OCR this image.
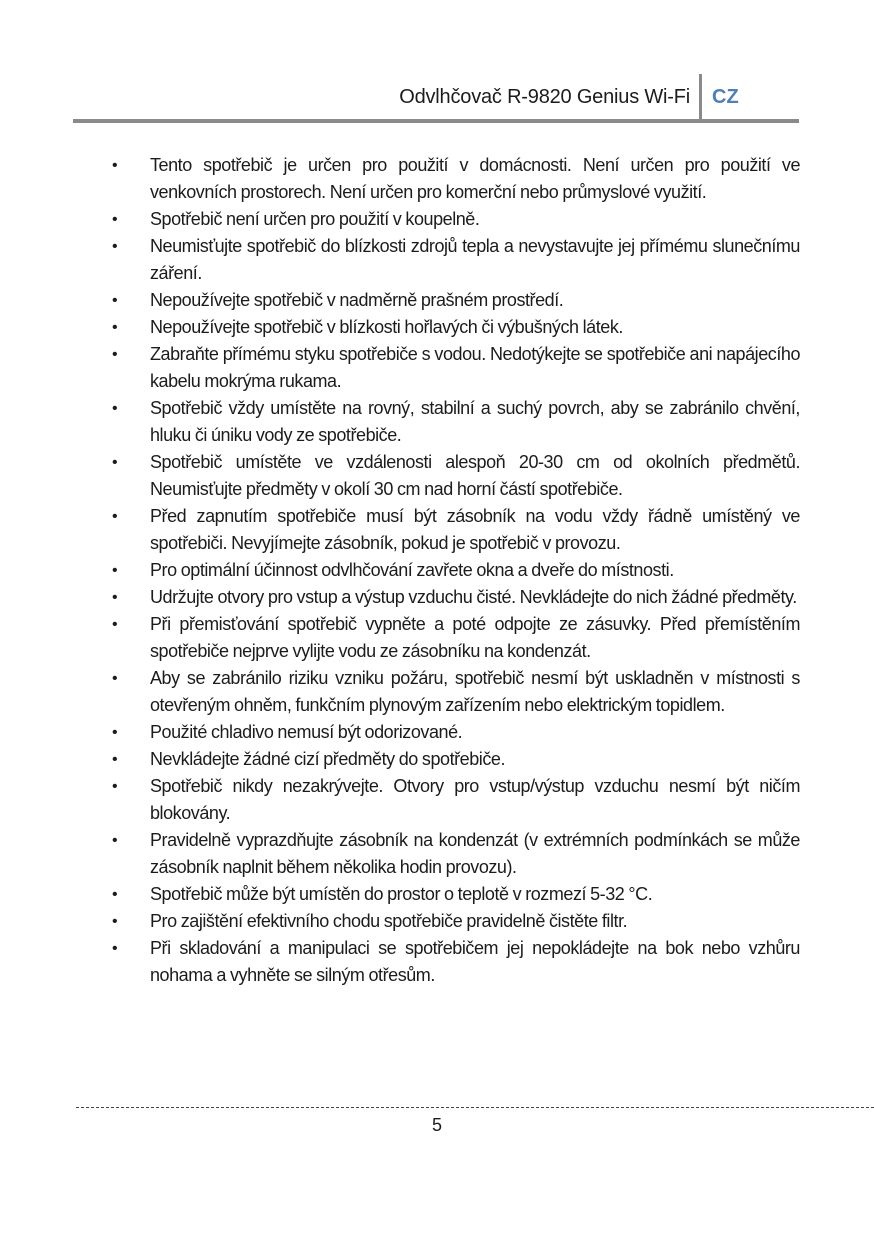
Odvlhčovač R-9820 Genius Wi-Fi CZ
•	Tento spotřebič je určen pro použití v domácnosti. Není určen pro použití ve venkovních prostorech. Není určen pro komerční nebo průmyslové využití.
•	Spotřebič není určen pro použití v koupelně.
•	Neumisťujte spotřebič do blízkosti zdrojů tepla a nevystavujte jej přímému slunečnímu záření.
•	Nepoužívejte spotřebič v nadměrně prašném prostředí.
•	Nepoužívejte spotřebič v blízkosti hořlavých či výbušných látek.
•	Zabraňte přímému styku spotřebiče s vodou. Nedotýkejte se spotřebiče ani napájecího kabelu mokrýma rukama.
•	Spotřebič vždy umístěte na rovný, stabilní a suchý povrch, aby se zabránilo chvění, hluku či úniku vody ze spotřebiče.
•	Spotřebič umístěte ve vzdálenosti alespoň 20-30 cm od okolních předmětů. Neumisťujte předměty v okolí 30 cm nad horní částí spotřebiče.
•	Před zapnutím spotřebiče musí být zásobník na vodu vždy řádně umístěný ve spotřebiči. Nevyjímejte zásobník, pokud je spotřebič v provozu.
•	Pro optimální účinnost odvlhčování zavřete okna a dveře do místnosti.
•	Udržujte otvory pro vstup a výstup vzduchu čisté. Nevkládejte do nich žádné předměty.
•	Při přemisťování spotřebič vypněte a poté odpojte ze zásuvky. Před přemístěním spotřebiče nejprve vylijte vodu ze zásobníku na kondenzát.
•	Aby se zabránilo riziku vzniku požáru, spotřebič nesmí být uskladněn v místnosti s otevřeným ohněm, funkčním plynovým zařízením nebo elektrickým topidlem.
•	Použité chladivo nemusí být odorizované.
•	Nevkládejte žádné cizí předměty do spotřebiče.
•	Spotřebič nikdy nezakrývejte. Otvory pro vstup/výstup vzduchu nesmí být ničím blokovány.
•	Pravidelně vyprazdňujte zásobník na kondenzát (v extrémních podmínkách se může zásobník naplnit během několika hodin provozu).
•	Spotřebič může být umístěn do prostor o teplotě v rozmezí 5-32 °C.
•	Pro zajištění efektivního chodu spotřebiče pravidelně čistěte filtr.
•	Při skladování a manipulaci se spotřebičem jej nepokládejte na bok nebo vzhůru nohama a vyhněte se silným otřesům.
5
